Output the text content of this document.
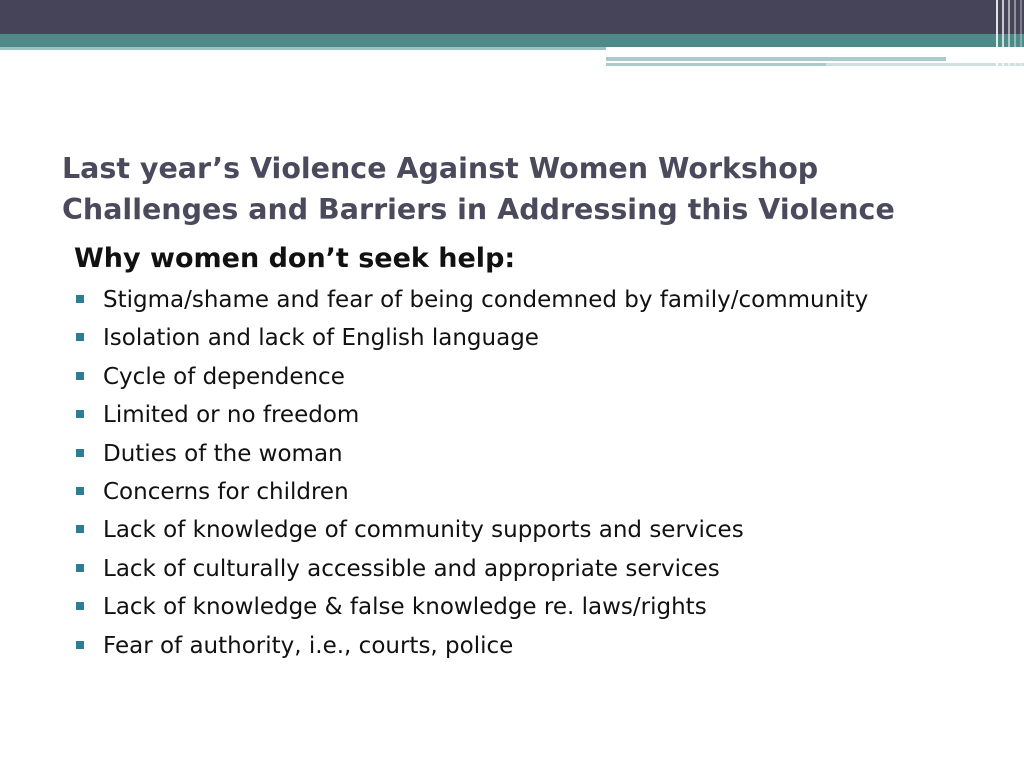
Last year’s Violence Against Women Workshop
Challenges and Barriers in Addressing this Violence

Why women don’t seek help:

Stigma/shame and fear of being condemned by family/community
Isolation and lack of English language
Cycle of dependence
Limited or no freedom
Duties of the woman
Concerns for children
Lack of knowledge of community supports and services
Lack of culturally accessible and appropriate services
Lack of knowledge & false knowledge re. laws/rights
Fear of authority, i.e., courts, police
